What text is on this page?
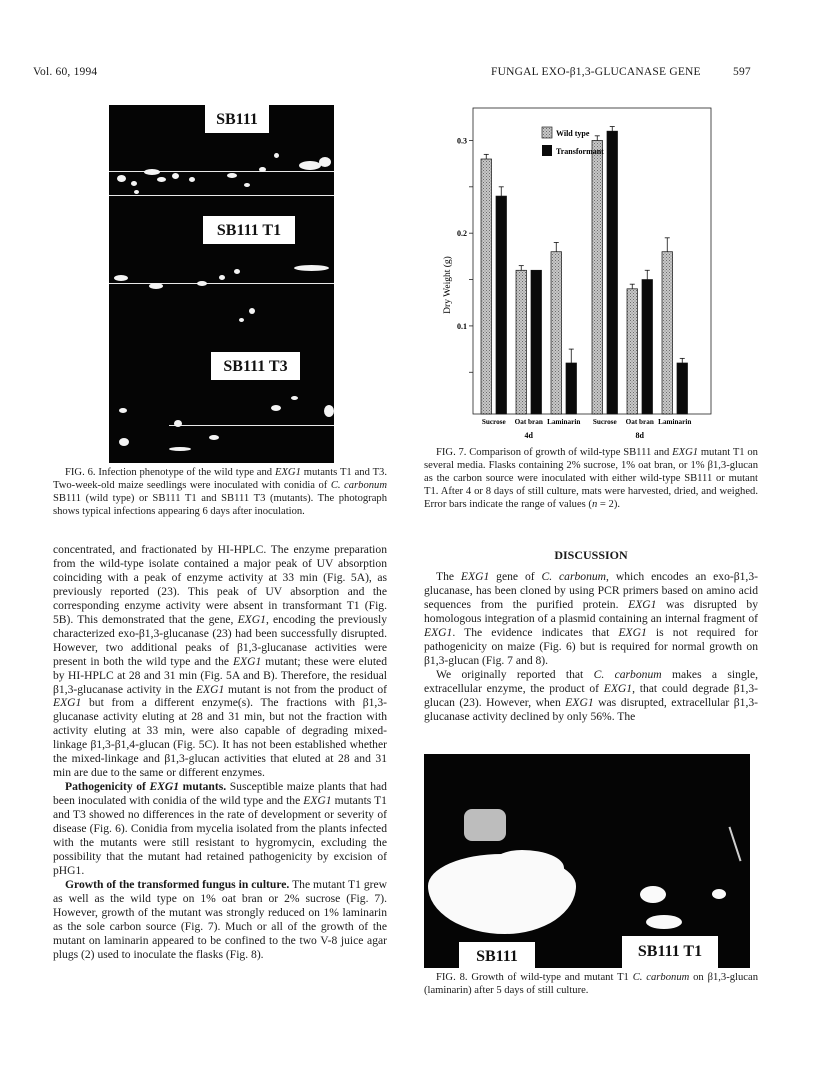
Vol. 60, 1994	FUNGAL EXO-β1,3-GLUCANASE GENE	597
SB111
SB111 T1
SB111 T3

FIG. 6. Infection phenotype of the wild type and EXG1 mutants T1 and T3. Two-week-old maize seedlings were inoculated with conidia of C. carbonum SB111 (wild type) or SB111 T1 and SB111 T3 (mutants). The photograph shows typical infections appearing 6 days after inoculation.

0.1
0.2
0.3
Sucrose Oat bran Laminarin Sucrose Oat bran Laminarin
4d	8d
Dry Weight (g)
Wild type
Transformant

FIG. 7. Comparison of growth of wild-type SB111 and EXG1 mutant T1 on several media. Flasks containing 2% sucrose, 1% oat bran, or 1% β1,3-glucan as the carbon source were inoculated with either wild-type SB111 or mutant T1. After 4 or 8 days of still culture, mats were harvested, dried, and weighed. Error bars indicate the range of values (n = 2).

concentrated, and fractionated by HI-HPLC. The enzyme preparation from the wild-type isolate contained a major peak of UV absorption coinciding with a peak of enzyme activity at 33 min (Fig. 5A), as previously reported (23). This peak of UV absorption and the corresponding enzyme activity were absent in transformant T1 (Fig. 5B). This demonstrated that the gene, EXG1, encoding the previously characterized exo-β1,3-glucanase (23) had been successfully disrupted. However, two additional peaks of β1,3-glucanase activities were present in both the wild type and the EXG1 mutant; these were eluted by HI-HPLC at 28 and 31 min (Fig. 5A and B). Therefore, the residual β1,3-glucanase activity in the EXG1 mutant is not from the product of EXG1 but from a different enzyme(s). The fractions with β1,3-glucanase activity eluting at 28 and 31 min, but not the fraction with activity eluting at 33 min, were also capable of degrading mixed-linkage β1,3-β1,4-glucan (Fig. 5C). It has not been established whether the mixed-linkage and β1,3-glucan activities that eluted at 28 and 31 min are due to the same or different enzymes.

Pathogenicity of EXG1 mutants. Susceptible maize plants that had been inoculated with conidia of the wild type and the EXG1 mutants T1 and T3 showed no differences in the rate of development or severity of disease (Fig. 6). Conidia from mycelia isolated from the plants infected with the mutants were still resistant to hygromycin, excluding the possibility that the mutant had retained pathogenicity by excision of pHG1.

Growth of the transformed fungus in culture. The mutant T1 grew as well as the wild type on 1% oat bran or 2% sucrose (Fig. 7). However, growth of the mutant was strongly reduced on 1% laminarin as the sole carbon source (Fig. 7). Much or all of the growth of the mutant on laminarin appeared to be confined to the two V-8 juice agar plugs (2) used to inoculate the flasks (Fig. 8).

DISCUSSION

The EXG1 gene of C. carbonum, which encodes an exo-β1,3-glucanase, has been cloned by using PCR primers based on amino acid sequences from the purified protein. EXG1 was disrupted by homologous integration of a plasmid containing an internal fragment of EXG1. The evidence indicates that EXG1 is not required for pathogenicity on maize (Fig. 6) but is required for normal growth on β1,3-glucan (Fig. 7 and 8).

We originally reported that C. carbonum makes a single, extracellular enzyme, the product of EXG1, that could degrade β1,3-glucan (23). However, when EXG1 was disrupted, extracellular β1,3-glucanase activity declined by only 56%. The

SB111	SB111 T1

FIG. 8. Growth of wild-type and mutant T1 C. carbonum on β1,3-glucan (laminarin) after 5 days of still culture.
